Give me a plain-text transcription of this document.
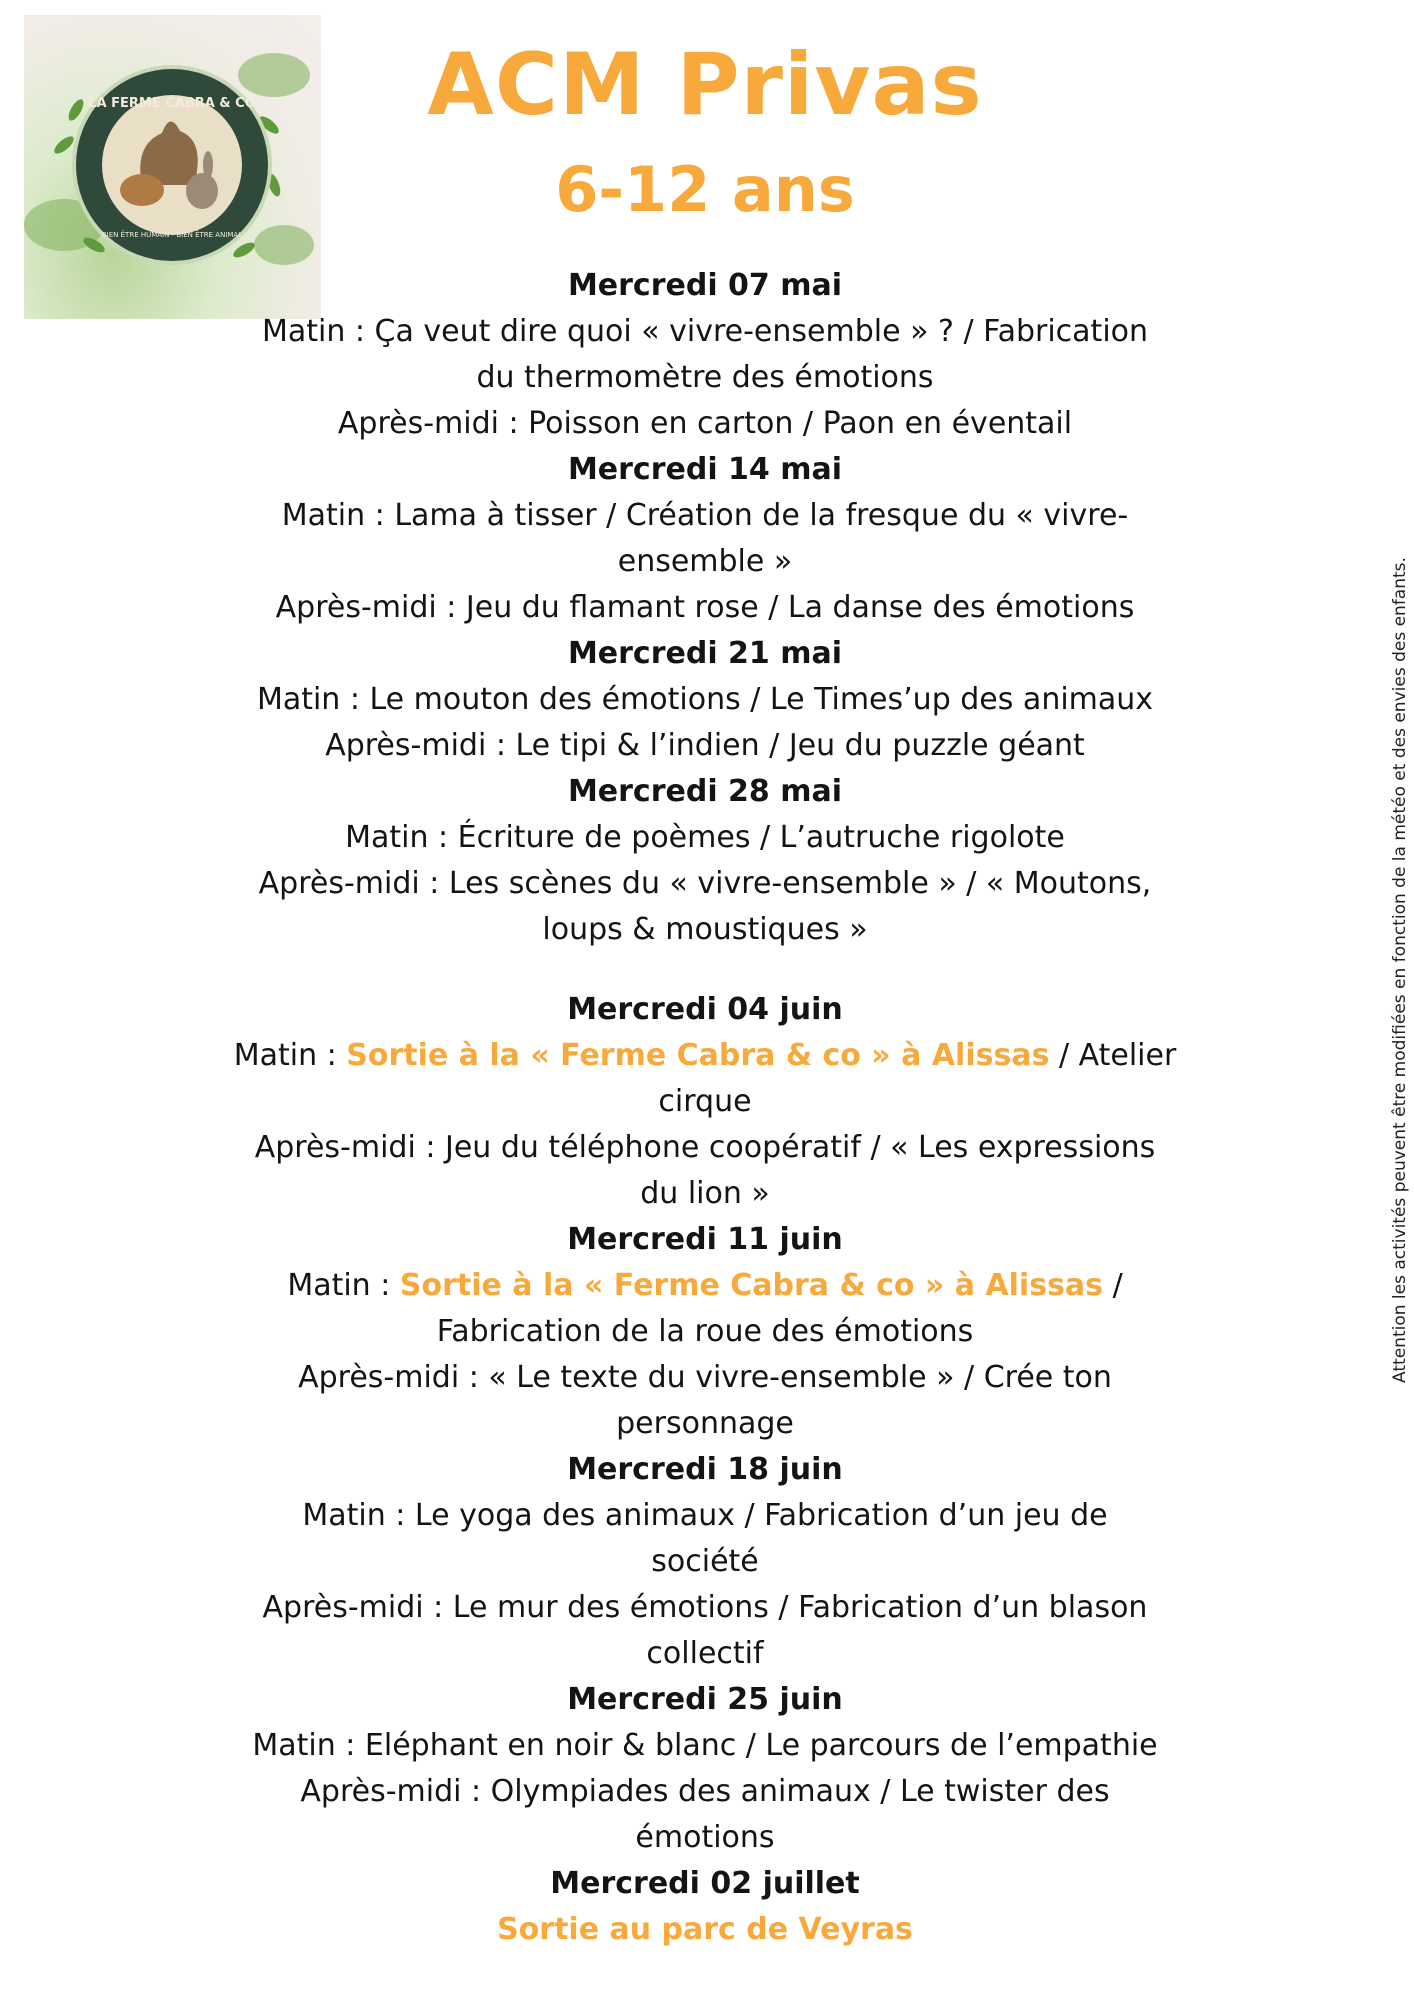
LA FERME CABRA & CO
BIEN ÊTRE HUMAIN - BIEN ÊTRE ANIMAL
ACM Privas
6-12 ans
Mercredi 07 mai
Matin : Ça veut dire quoi « vivre-ensemble » ? / Fabrication
du thermomètre des émotions
Après-midi : Poisson en carton / Paon en éventail
Mercredi 14 mai
Matin : Lama à tisser / Création de la fresque du « vivre-
ensemble »
Après-midi : Jeu du flamant rose / La danse des émotions
Mercredi 21 mai
Matin : Le mouton des émotions / Le Times’up des animaux
Après-midi : Le tipi & l’indien / Jeu du puzzle géant
Mercredi 28 mai
Matin : Écriture de poèmes / L’autruche rigolote
Après-midi : Les scènes du « vivre-ensemble » / « Moutons,
loups & moustiques »
Mercredi 04 juin
Matin : Sortie à la « Ferme Cabra & co » à Alissas / Atelier
cirque
Après-midi : Jeu du téléphone coopératif / « Les expressions
du lion »
Mercredi 11 juin
Matin : Sortie à la « Ferme Cabra & co » à Alissas /
Fabrication de la roue des émotions
Après-midi : « Le texte du vivre-ensemble » / Crée ton
personnage
Mercredi 18 juin
Matin : Le yoga des animaux / Fabrication d’un jeu de
société
Après-midi : Le mur des émotions / Fabrication d’un blason
collectif
Mercredi 25 juin
Matin : Eléphant en noir & blanc / Le parcours de l’empathie
Après-midi : Olympiades des animaux / Le twister des
émotions
Mercredi 02 juillet
Sortie au parc de Veyras
Attention les activités peuvent être modifiées en fonction de la météo et des envies des enfants.
